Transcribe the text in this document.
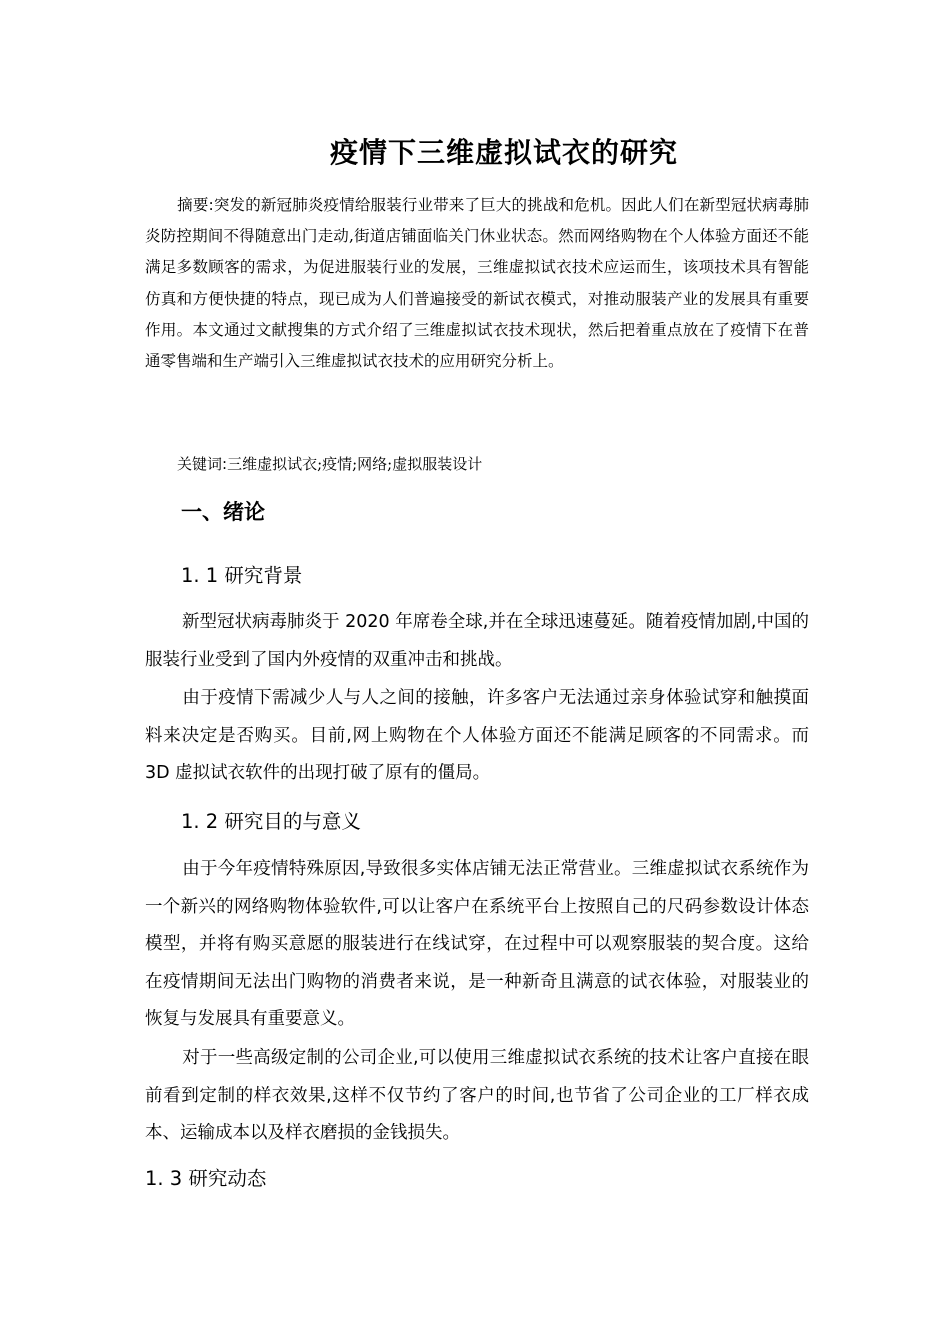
疫情下三维虚拟试衣的研究
摘要:突发的新冠肺炎疫情给服装行业带来了巨大的挑战和危机。因此人们在新型冠状病毒肺炎防控期间不得随意出门走动,街道店铺面临关门休业状态。然而网络购物在个人体验方面还不能满足多数顾客的需求，为促进服装行业的发展，三维虚拟试衣技术应运而生，该项技术具有智能仿真和方便快捷的特点，现已成为人们普遍接受的新试衣模式，对推动服装产业的发展具有重要作用。本文通过文献搜集的方式介绍了三维虚拟试衣技术现状，然后把着重点放在了疫情下在普通零售端和生产端引入三维虚拟试衣技术的应用研究分析上。
关键词:三维虚拟试衣;疫情;网络;虚拟服装设计
一、绪论
1. 1 研究背景
新型冠状病毒肺炎于 2020 年席卷全球,并在全球迅速蔓延。随着疫情加剧,中国的服装行业受到了国内外疫情的双重冲击和挑战。
由于疫情下需减少人与人之间的接触，许多客户无法通过亲身体验试穿和触摸面料来决定是否购买。目前,网上购物在个人体验方面还不能满足顾客的不同需求。而 3D 虚拟试衣软件的出现打破了原有的僵局。
1. 2 研究目的与意义
由于今年疫情特殊原因,导致很多实体店铺无法正常营业。三维虚拟试衣系统作为一个新兴的网络购物体验软件,可以让客户在系统平台上按照自己的尺码参数设计体态模型，并将有购买意愿的服装进行在线试穿，在过程中可以观察服装的契合度。这给在疫情期间无法出门购物的消费者来说，是一种新奇且满意的试衣体验，对服装业的恢复与发展具有重要意义。
对于一些高级定制的公司企业,可以使用三维虚拟试衣系统的技术让客户直接在眼前看到定制的样衣效果,这样不仅节约了客户的时间,也节省了公司企业的工厂样衣成本、运输成本以及样衣磨损的金钱损失。
1. 3 研究动态
